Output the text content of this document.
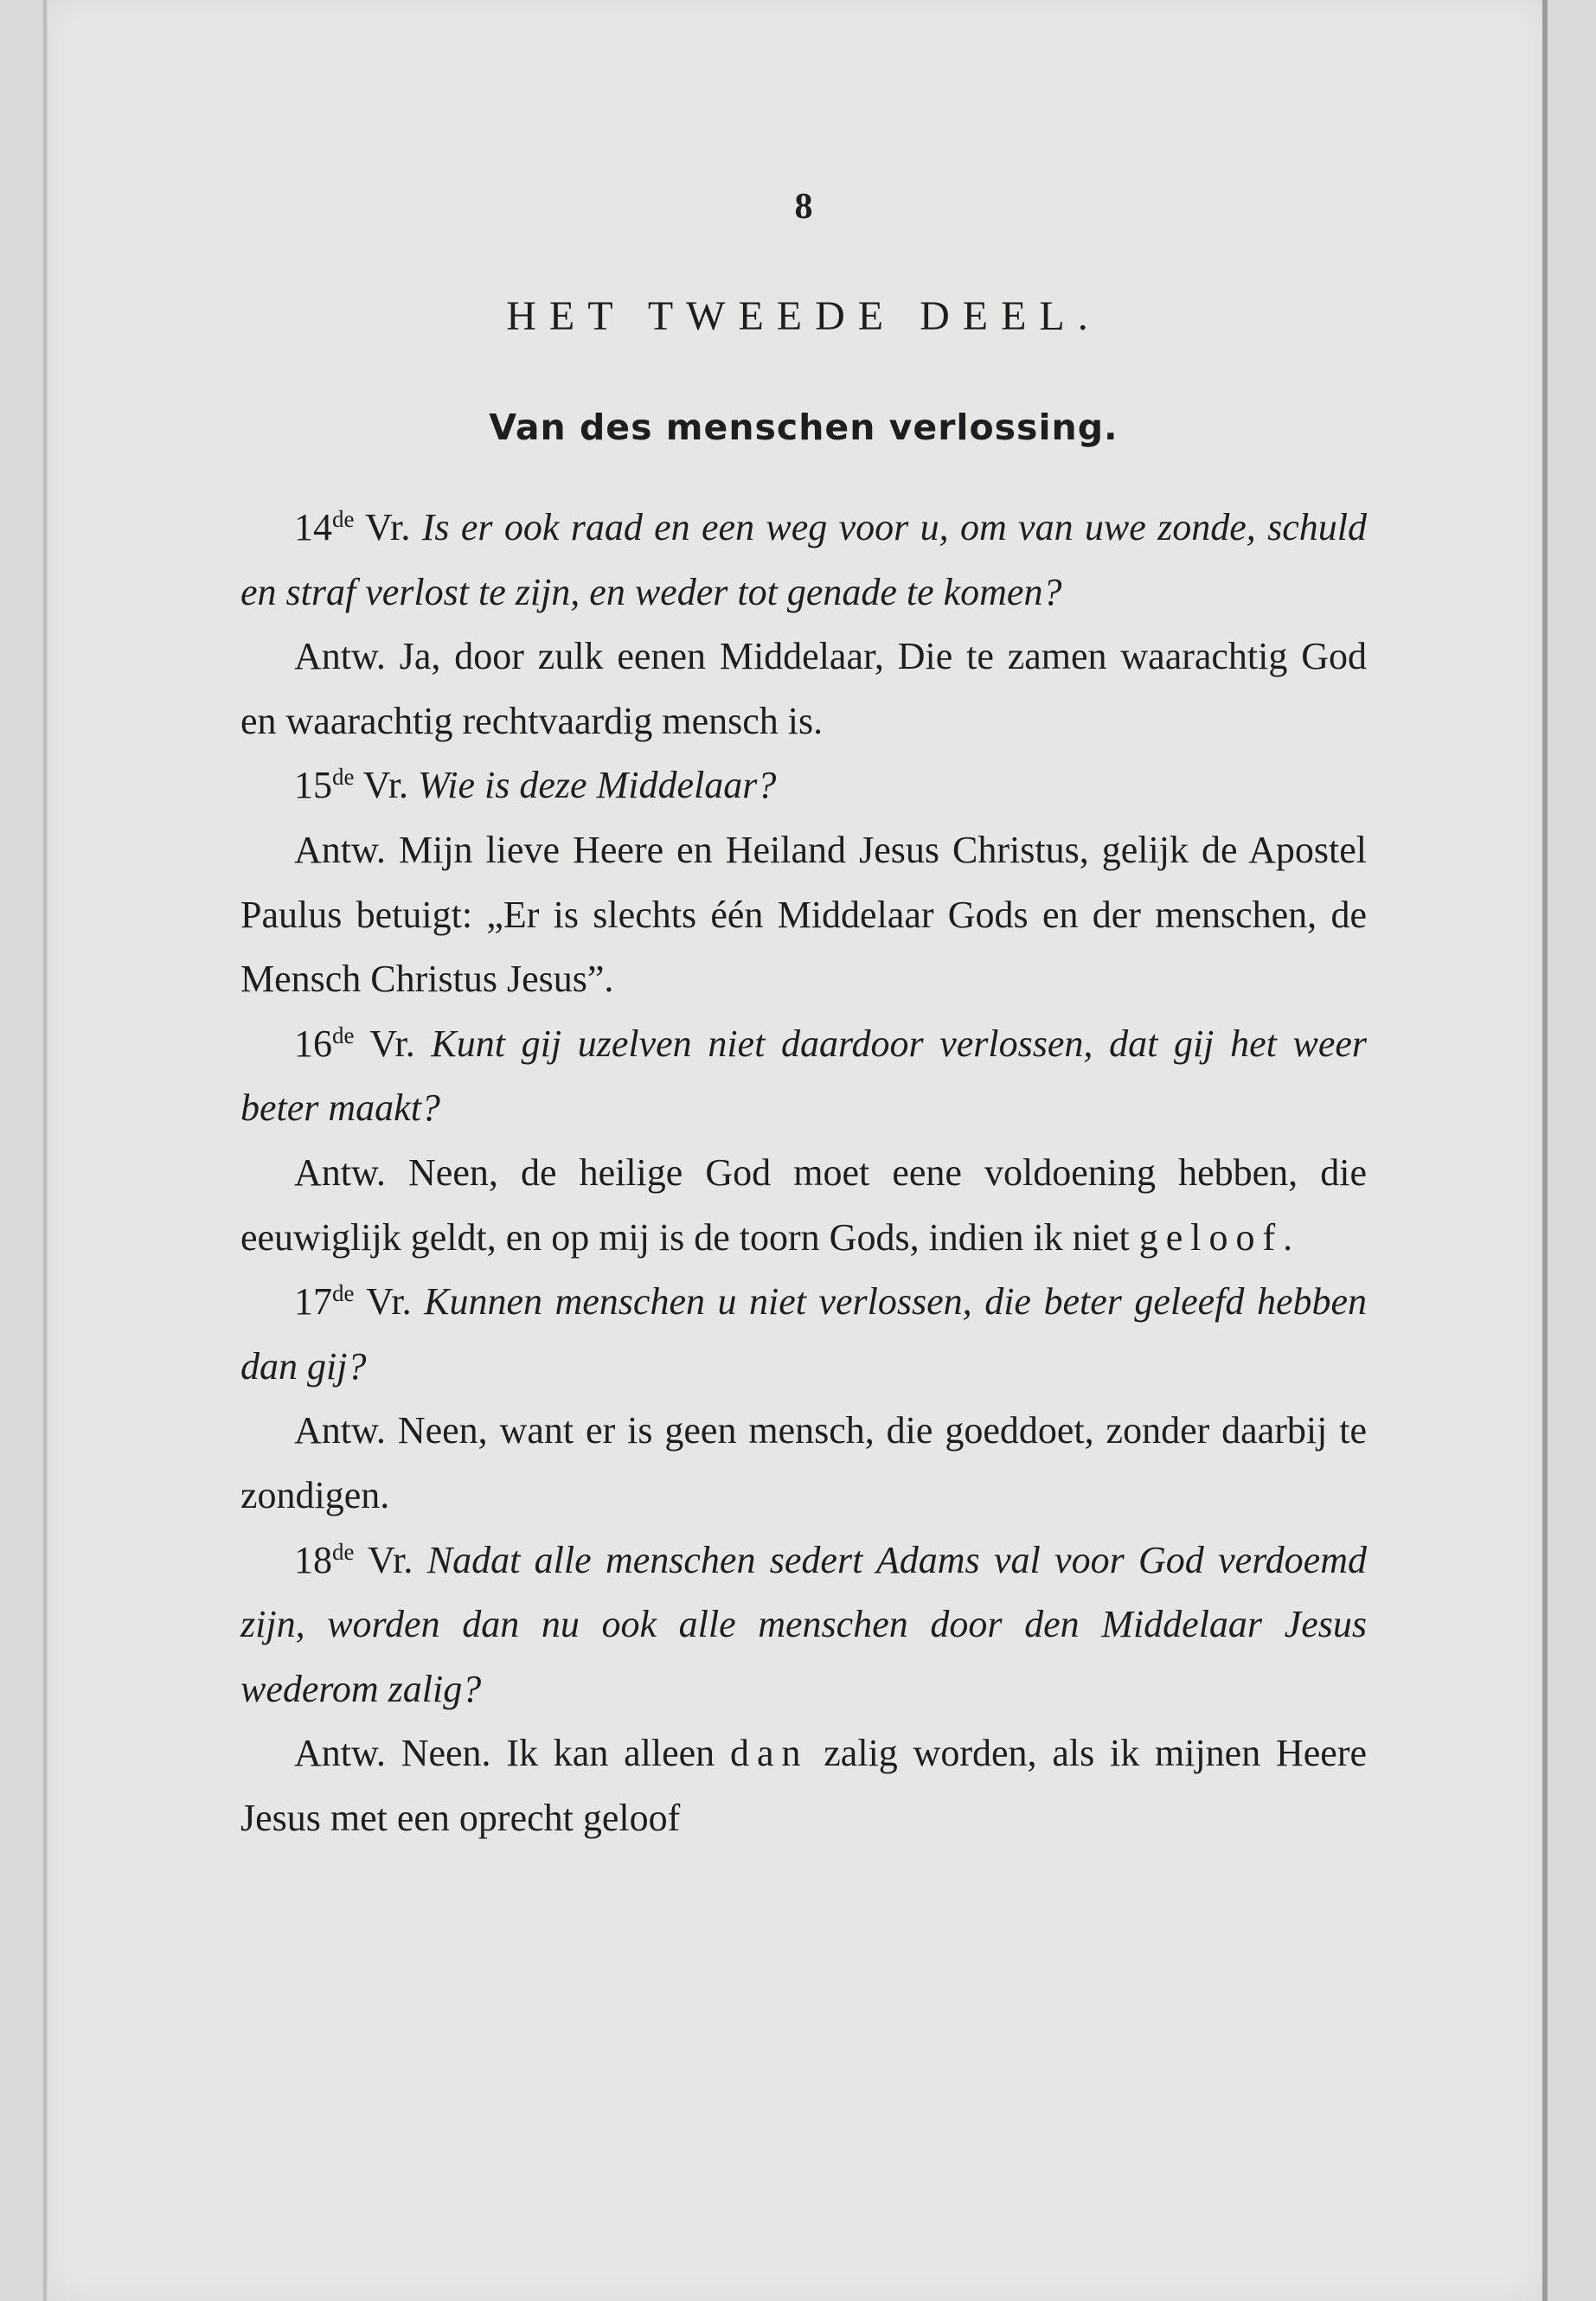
8
HET TWEEDE DEEL.
Van des menschen verlossing.

14de Vr. Is er ook raad en een weg voor u, om van uwe zonde, schuld en straf verlost te zijn, en weder tot genade te komen?

Antw. Ja, door zulk eenen Middelaar, Die te zamen waarachtig God en waarachtig rechtvaardig mensch is.

15de Vr. Wie is deze Middelaar?

Antw. Mijn lieve Heere en Heiland Jesus Christus, gelijk de Apostel Paulus betuigt: „Er is slechts één Middelaar Gods en der menschen, de Mensch Christus Jesus”.

16de Vr. Kunt gij uzelven niet daardoor verlossen, dat gij het weer beter maakt?

Antw. Neen, de heilige God moet eene voldoening hebben, die eeuwiglijk geldt, en op mij is de toorn Gods, indien ik niet geloof.

17de Vr. Kunnen menschen u niet verlossen, die beter geleefd hebben dan gij?

Antw. Neen, want er is geen mensch, die goeddoet, zonder daarbij te zondigen.

18de Vr. Nadat alle menschen sedert Adams val voor God verdoemd zijn, worden dan nu ook alle menschen door den Middelaar Jesus wederom zalig?

Antw. Neen. Ik kan alleen dan zalig worden, als ik mijnen Heere Jesus met een oprecht geloof
